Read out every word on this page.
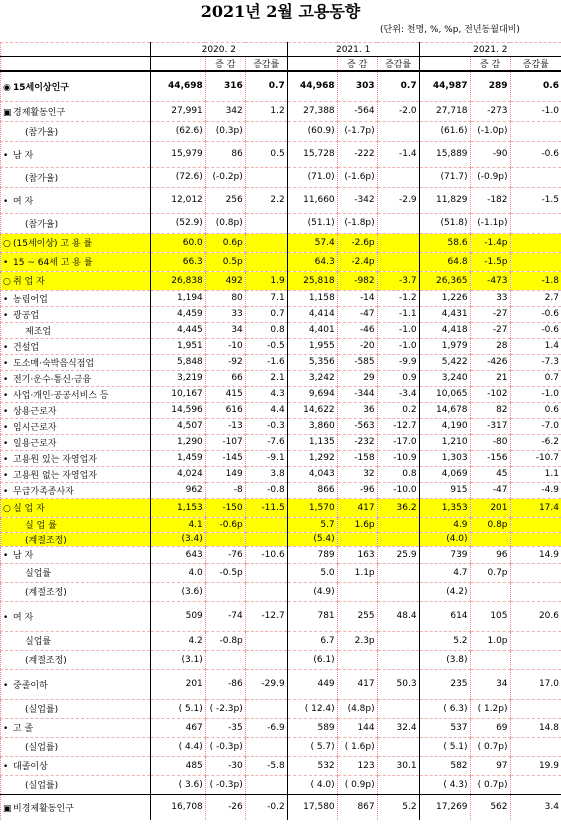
2021년 2월 고용동향
(단위: 천명, %, %p, 전년동월대비)
	2020. 2			2021. 1			2021. 2		
		증 감	증감률		증 감	증감률		증 감	증감률
◉ 15세이상인구	44,698	316	0.7	44,968	303	0.7	44,987	289	0.6
▣경제활동인구	27,991	342	1.2	27,388	-564	-2.0	27,718	-273	-1.0
(참가율)	(62.6)	(0.3p)		(60.9)	(-1.7p)		(61.6)	(-1.0p)	
• 남 자	15,979	86	0.5	15,728	-222	-1.4	15,889	-90	-0.6
(참가율)	(72.6)	(-0.2p)		(71.0)	(-1.6p)		(71.7)	(-0.9p)	
• 여 자	12,012	256	2.2	11,660	-342	-2.9	11,829	-182	-1.5
(참가율)	(52.9)	(0.8p)		(51.1)	(-1.8p)		(51.8)	(-1.1p)	
○ (15세이상) 고 용 률	60.0	0.6p		57.4	-2.6p		58.6	-1.4p	
• 15 ~ 64세 고 용 률	66.3	0.5p		64.3	-2.4p		64.8	-1.5p	
○ 취 업 자	26,838	492	1.9	25,818	-982	-3.7	26,365	-473	-1.8
• 농림어업	1,194	80	7.1	1,158	-14	-1.2	1,226	33	2.7
• 광공업	4,459	33	0.7	4,414	-47	-1.1	4,431	-27	-0.6
제조업	4,445	34	0.8	4,401	-46	-1.0	4,418	-27	-0.6
• 건설업	1,951	-10	-0.5	1,955	-20	-1.0	1,979	28	1.4
• 도소매·숙박음식점업	5,848	-92	-1.6	5,356	-585	-9.9	5,422	-426	-7.3
• 전기·운수·통신·금융	3,219	66	2.1	3,242	29	0.9	3,240	21	0.7
• 사업·개인·공공서비스 등	10,167	415	4.3	9,694	-344	-3.4	10,065	-102	-1.0
• 상용근로자	14,596	616	4.4	14,622	36	0.2	14,678	82	0.6
• 임시근로자	4,507	-13	-0.3	3,860	-563	-12.7	4,190	-317	-7.0
• 일용근로자	1,290	-107	-7.6	1,135	-232	-17.0	1,210	-80	-6.2
• 고용원 있는 자영업자	1,459	-145	-9.1	1,292	-158	-10.9	1,303	-156	-10.7
• 고용원 없는 자영업자	4,024	149	3.8	4,043	32	0.8	4,069	45	1.1
• 무급가족종사자	962	-8	-0.8	866	-96	-10.0	915	-47	-4.9
○ 실 업 자	1,153	-150	-11.5	1,570	417	36.2	1,353	201	17.4
실 업 률	4.1	-0.6p		5.7	1.6p		4.9	0.8p	
(계절조정)	(3.4)			(5.4)			(4.0)		
• 남 자	643	-76	-10.6	789	163	25.9	739	96	14.9
실업률	4.0	-0.5p		5.0	1.1p		4.7	0.7p	
(계절조정)	(3.6)			(4.9)			(4.2)		
• 여 자	509	-74	-12.7	781	255	48.4	614	105	20.6
실업률	4.2	-0.8p		6.7	2.3p		5.2	1.0p	
(계절조정)	(3.1)			(6.1)			(3.8)		
• 중졸이하	201	-86	-29.9	449	417	50.3	235	34	17.0
(실업률)	( 5.1)	( -2.3p)		( 12.4)	(4.8p)		( 6.3)	( 1.2p)	
• 고 졸	467	-35	-6.9	589	144	32.4	537	69	14.8
(실업률)	( 4.4)	( -0.3p)		( 5.7)	( 1.6p)		( 5.1)	( 0.7p)	
• 대졸이상	485	-30	-5.8	532	123	30.1	582	97	19.9
(실업률)	( 3.6)	( -0.3p)		( 4.0)	( 0.9p)		( 4.3)	( 0.7p)	
▣비경제활동인구	16,708	-26	-0.2	17,580	867	5.2	17,269	562	3.4
